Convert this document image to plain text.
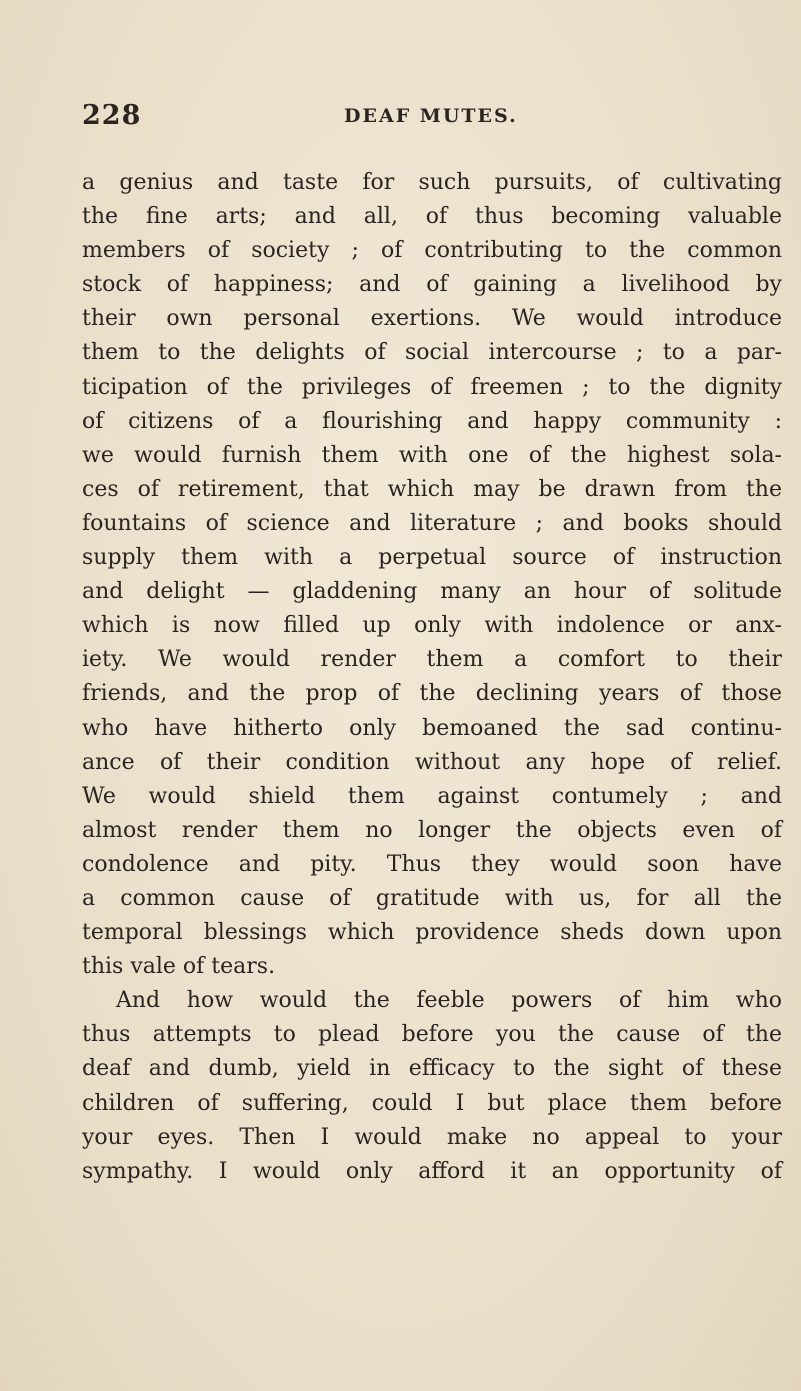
228	DEAF MUTES.
a genius and taste for such pursuits, of cultivating
the fine arts; and all, of thus becoming valuable
members of society ; of contributing to the common
stock of happiness; and of gaining a livelihood by
their own personal exertions. We would introduce
them to the delights of social intercourse ; to a par-
ticipation of the privileges of freemen ; to the dignity
of citizens of a flourishing and happy community :
we would furnish them with one of the highest sola-
ces of retirement, that which may be drawn from the
fountains of science and literature ; and books should
supply them with a perpetual source of instruction
and delight — gladdening many an hour of solitude
which is now filled up only with indolence or anx-
iety. We would render them a comfort to their
friends, and the prop of the declining years of those
who have hitherto only bemoaned the sad continu-
ance of their condition without any hope of relief.
We would shield them against contumely ; and
almost render them no longer the objects even of
condolence and pity. Thus they would soon have
a common cause of gratitude with us, for all the
temporal blessings which providence sheds down upon
this vale of tears.
And how would the feeble powers of him who
thus attempts to plead before you the cause of the
deaf and dumb, yield in efficacy to the sight of these
children of suffering, could I but place them before
your eyes. Then I would make no appeal to your
sympathy. I would only afford it an opportunity of
